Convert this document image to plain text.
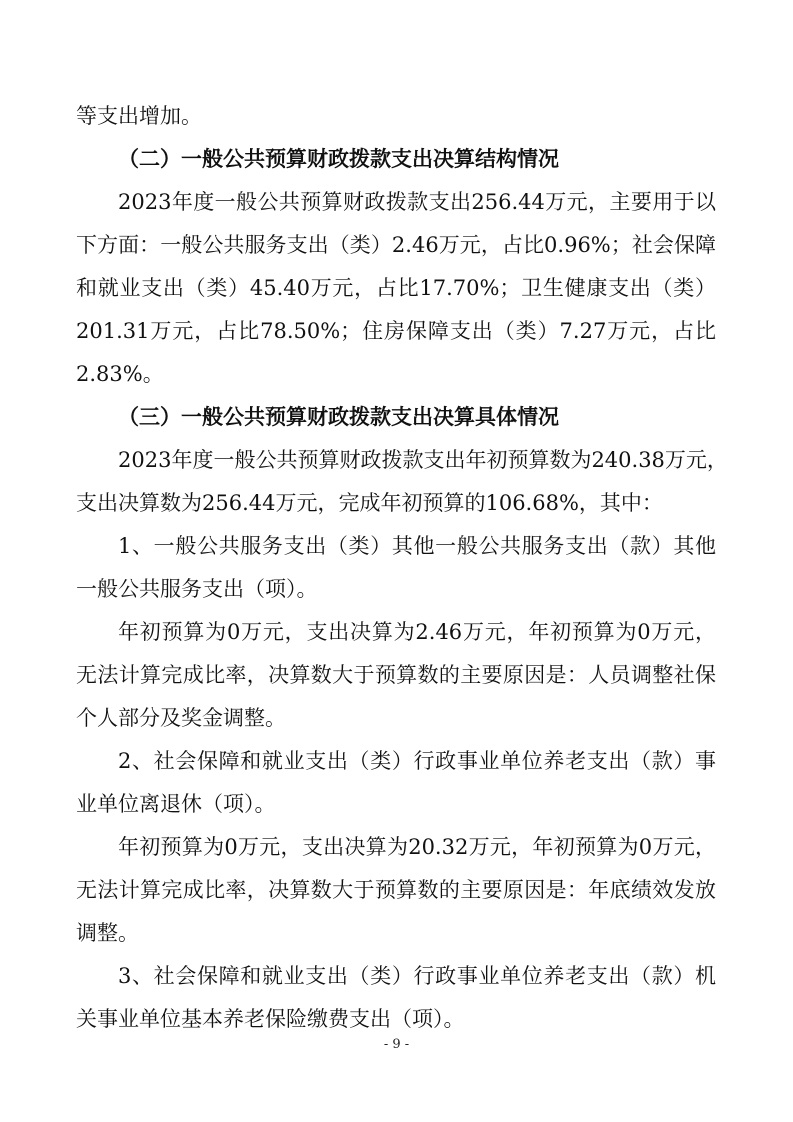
等支出增加。
（二）一般公共预算财政拨款支出决算结构情况
2023年度一般公共预算财政拨款支出256.44万元，主要用于以
下方面：一般公共服务支出（类）2.46万元，占比0.96%；社会保障
和就业支出（类）45.40万元，占比17.70%；卫生健康支出（类）
201.31万元，占比78.50%；住房保障支出（类）7.27万元，占比
2.83%。
（三）一般公共预算财政拨款支出决算具体情况
2023年度一般公共预算财政拨款支出年初预算数为240.38万元，
支出决算数为256.44万元，完成年初预算的106.68%，其中：
1、一般公共服务支出（类）其他一般公共服务支出（款）其他
一般公共服务支出（项）。
年初预算为0万元，支出决算为2.46万元，年初预算为0万元，
无法计算完成比率，决算数大于预算数的主要原因是：人员调整社保
个人部分及奖金调整。
2、社会保障和就业支出（类）行政事业单位养老支出（款）事
业单位离退休（项）。
年初预算为0万元，支出决算为20.32万元，年初预算为0万元，
无法计算完成比率，决算数大于预算数的主要原因是：年底绩效发放
调整。
3、社会保障和就业支出（类）行政事业单位养老支出（款）机
关事业单位基本养老保险缴费支出（项）。
- 9 -
